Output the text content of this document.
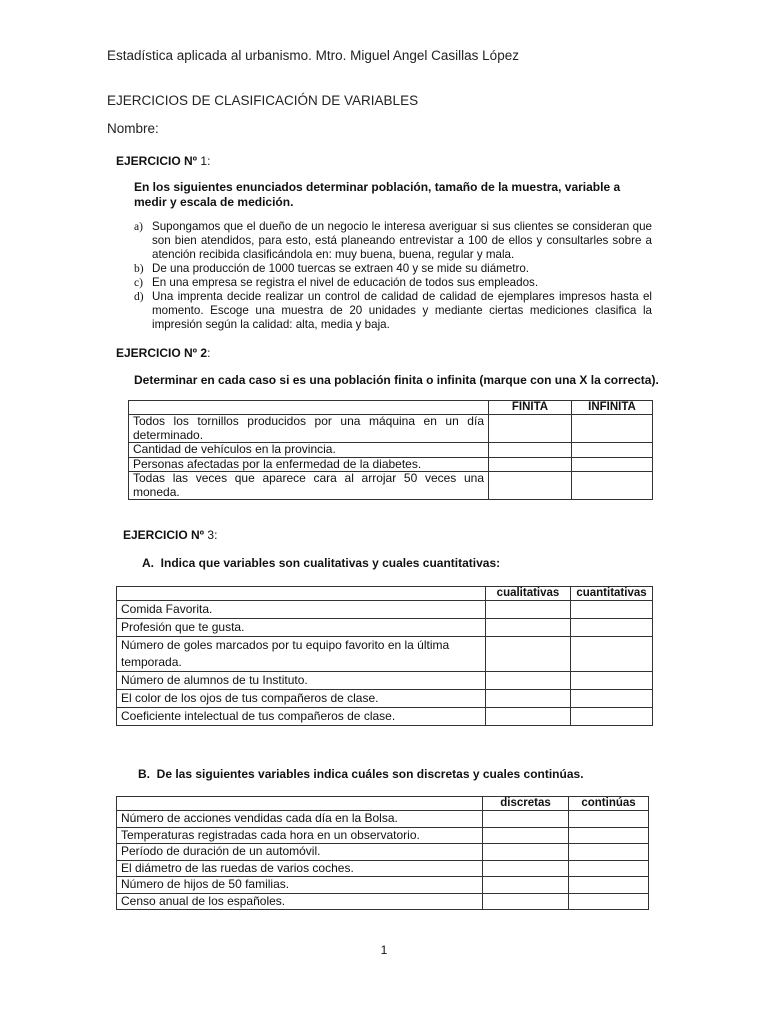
Estadística aplicada al urbanismo. Mtro. Miguel Angel Casillas López
EJERCICIOS DE CLASIFICACIÓN DE VARIABLES
Nombre:
EJERCICIO Nº 1:
En los siguientes enunciados determinar población, tamaño de la muestra, variable a medir y escala de medición.
a) Supongamos que el dueño de un negocio le interesa averiguar si sus clientes se consideran que son bien atendidos, para esto, está planeando entrevistar a 100 de ellos y consultarles sobre a atención recibida clasificándola en: muy buena, buena, regular y mala.
b) De una producción de 1000 tuercas se extraen 40 y se mide su diámetro.
c) En una empresa se registra el nivel de educación de todos sus empleados.
d) Una imprenta decide realizar un control de calidad de calidad de ejemplares impresos hasta el momento. Escoge una muestra de 20 unidades y mediante ciertas mediciones clasifica la impresión según la calidad: alta, media y baja.
EJERCICIO Nº 2:
Determinar en cada caso si es una población finita o infinita (marque con una X la correcta).
	FINITA	INFINITA
Todos los tornillos producidos por una máquina en un día determinado.		
Cantidad de vehículos en la provincia.		
Personas afectadas por la enfermedad de la diabetes.		
Todas las veces que aparece cara al arrojar 50 veces una moneda.		
EJERCICIO Nº 3:
A. Indica que variables son cualitativas y cuales cuantitativas:
	cualitativas	cuantitativas
Comida Favorita.		
Profesión que te gusta.		
Número de goles marcados por tu equipo favorito en la última temporada.		
Número de alumnos de tu Instituto.		
El color de los ojos de tus compañeros de clase.		
Coeficiente intelectual de tus compañeros de clase.		
B. De las siguientes variables indica cuáles son discretas y cuales continúas.
	discretas	continúas
Número de acciones vendidas cada día en la Bolsa.		
Temperaturas registradas cada hora en un observatorio.		
Período de duración de un automóvil.		
El diámetro de las ruedas de varios coches.		
Número de hijos de 50 familias.		
Censo anual de los españoles.		
1
